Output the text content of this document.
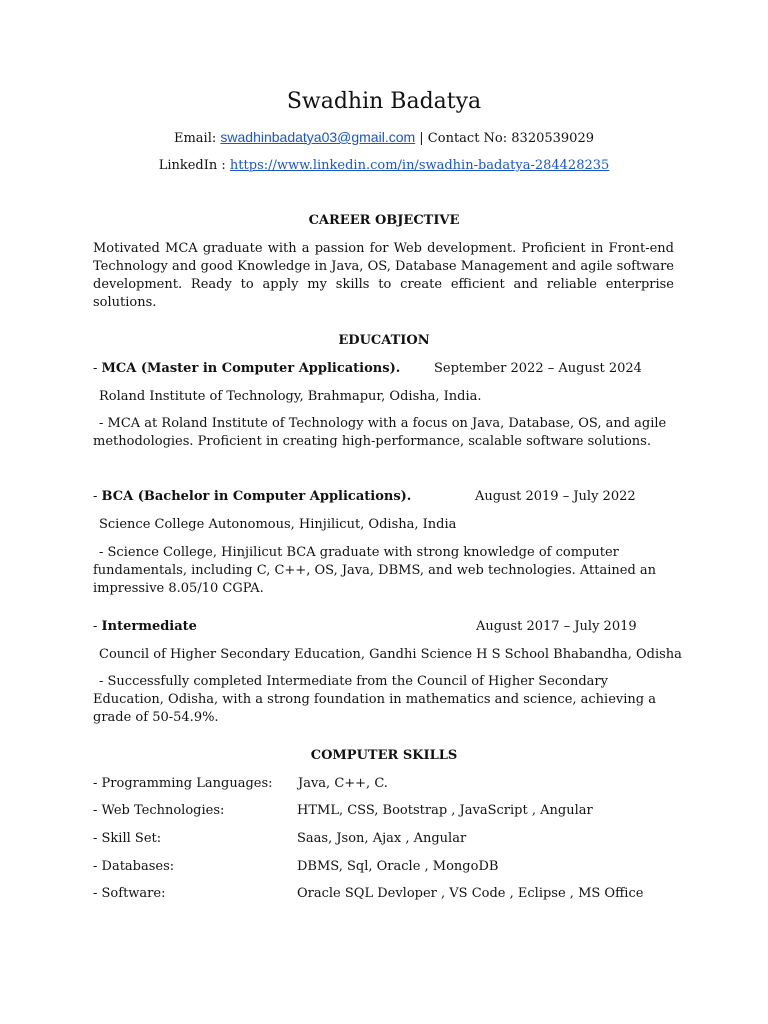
Swadhin Badatya
Email: swadhinbadatya03@gmail.com | Contact No: 8320539029
LinkedIn : https://www.linkedin.com/in/swadhin-badatya-284428235
CAREER OBJECTIVE
Motivated MCA graduate with a passion for Web development. Proficient in Front-end Technology and good Knowledge in Java, OS, Database Management and agile software development. Ready to apply my skills to create efficient and reliable enterprise solutions.
EDUCATION
- MCA (Master in Computer Applications).	September 2022 – August 2024
Roland Institute of Technology, Brahmapur, Odisha, India.
- MCA at Roland Institute of Technology with a focus on Java, Database, OS, and agile methodologies. Proficient in creating high-performance, scalable software solutions.
- BCA (Bachelor in Computer Applications).	August 2019 – July 2022
Science College Autonomous, Hinjilicut, Odisha, India
- Science College, Hinjilicut BCA graduate with strong knowledge of computer fundamentals, including C, C++, OS, Java, DBMS, and web technologies. Attained an impressive 8.05/10 CGPA.
- Intermediate	August 2017 – July 2019
Council of Higher Secondary Education, Gandhi Science H S School Bhabandha, Odisha
- Successfully completed Intermediate from the Council of Higher Secondary Education, Odisha, with a strong foundation in mathematics and science, achieving a grade of 50-54.9%.
COMPUTER SKILLS
- Programming Languages: Java, C++, C.
- Web Technologies:	HTML, CSS, Bootstrap , JavaScript , Angular
- Skill Set:	Saas, Json, Ajax , Angular
- Databases:	DBMS, Sql, Oracle , MongoDB
- Software:	Oracle SQL Devloper , VS Code , Eclipse , MS Office
